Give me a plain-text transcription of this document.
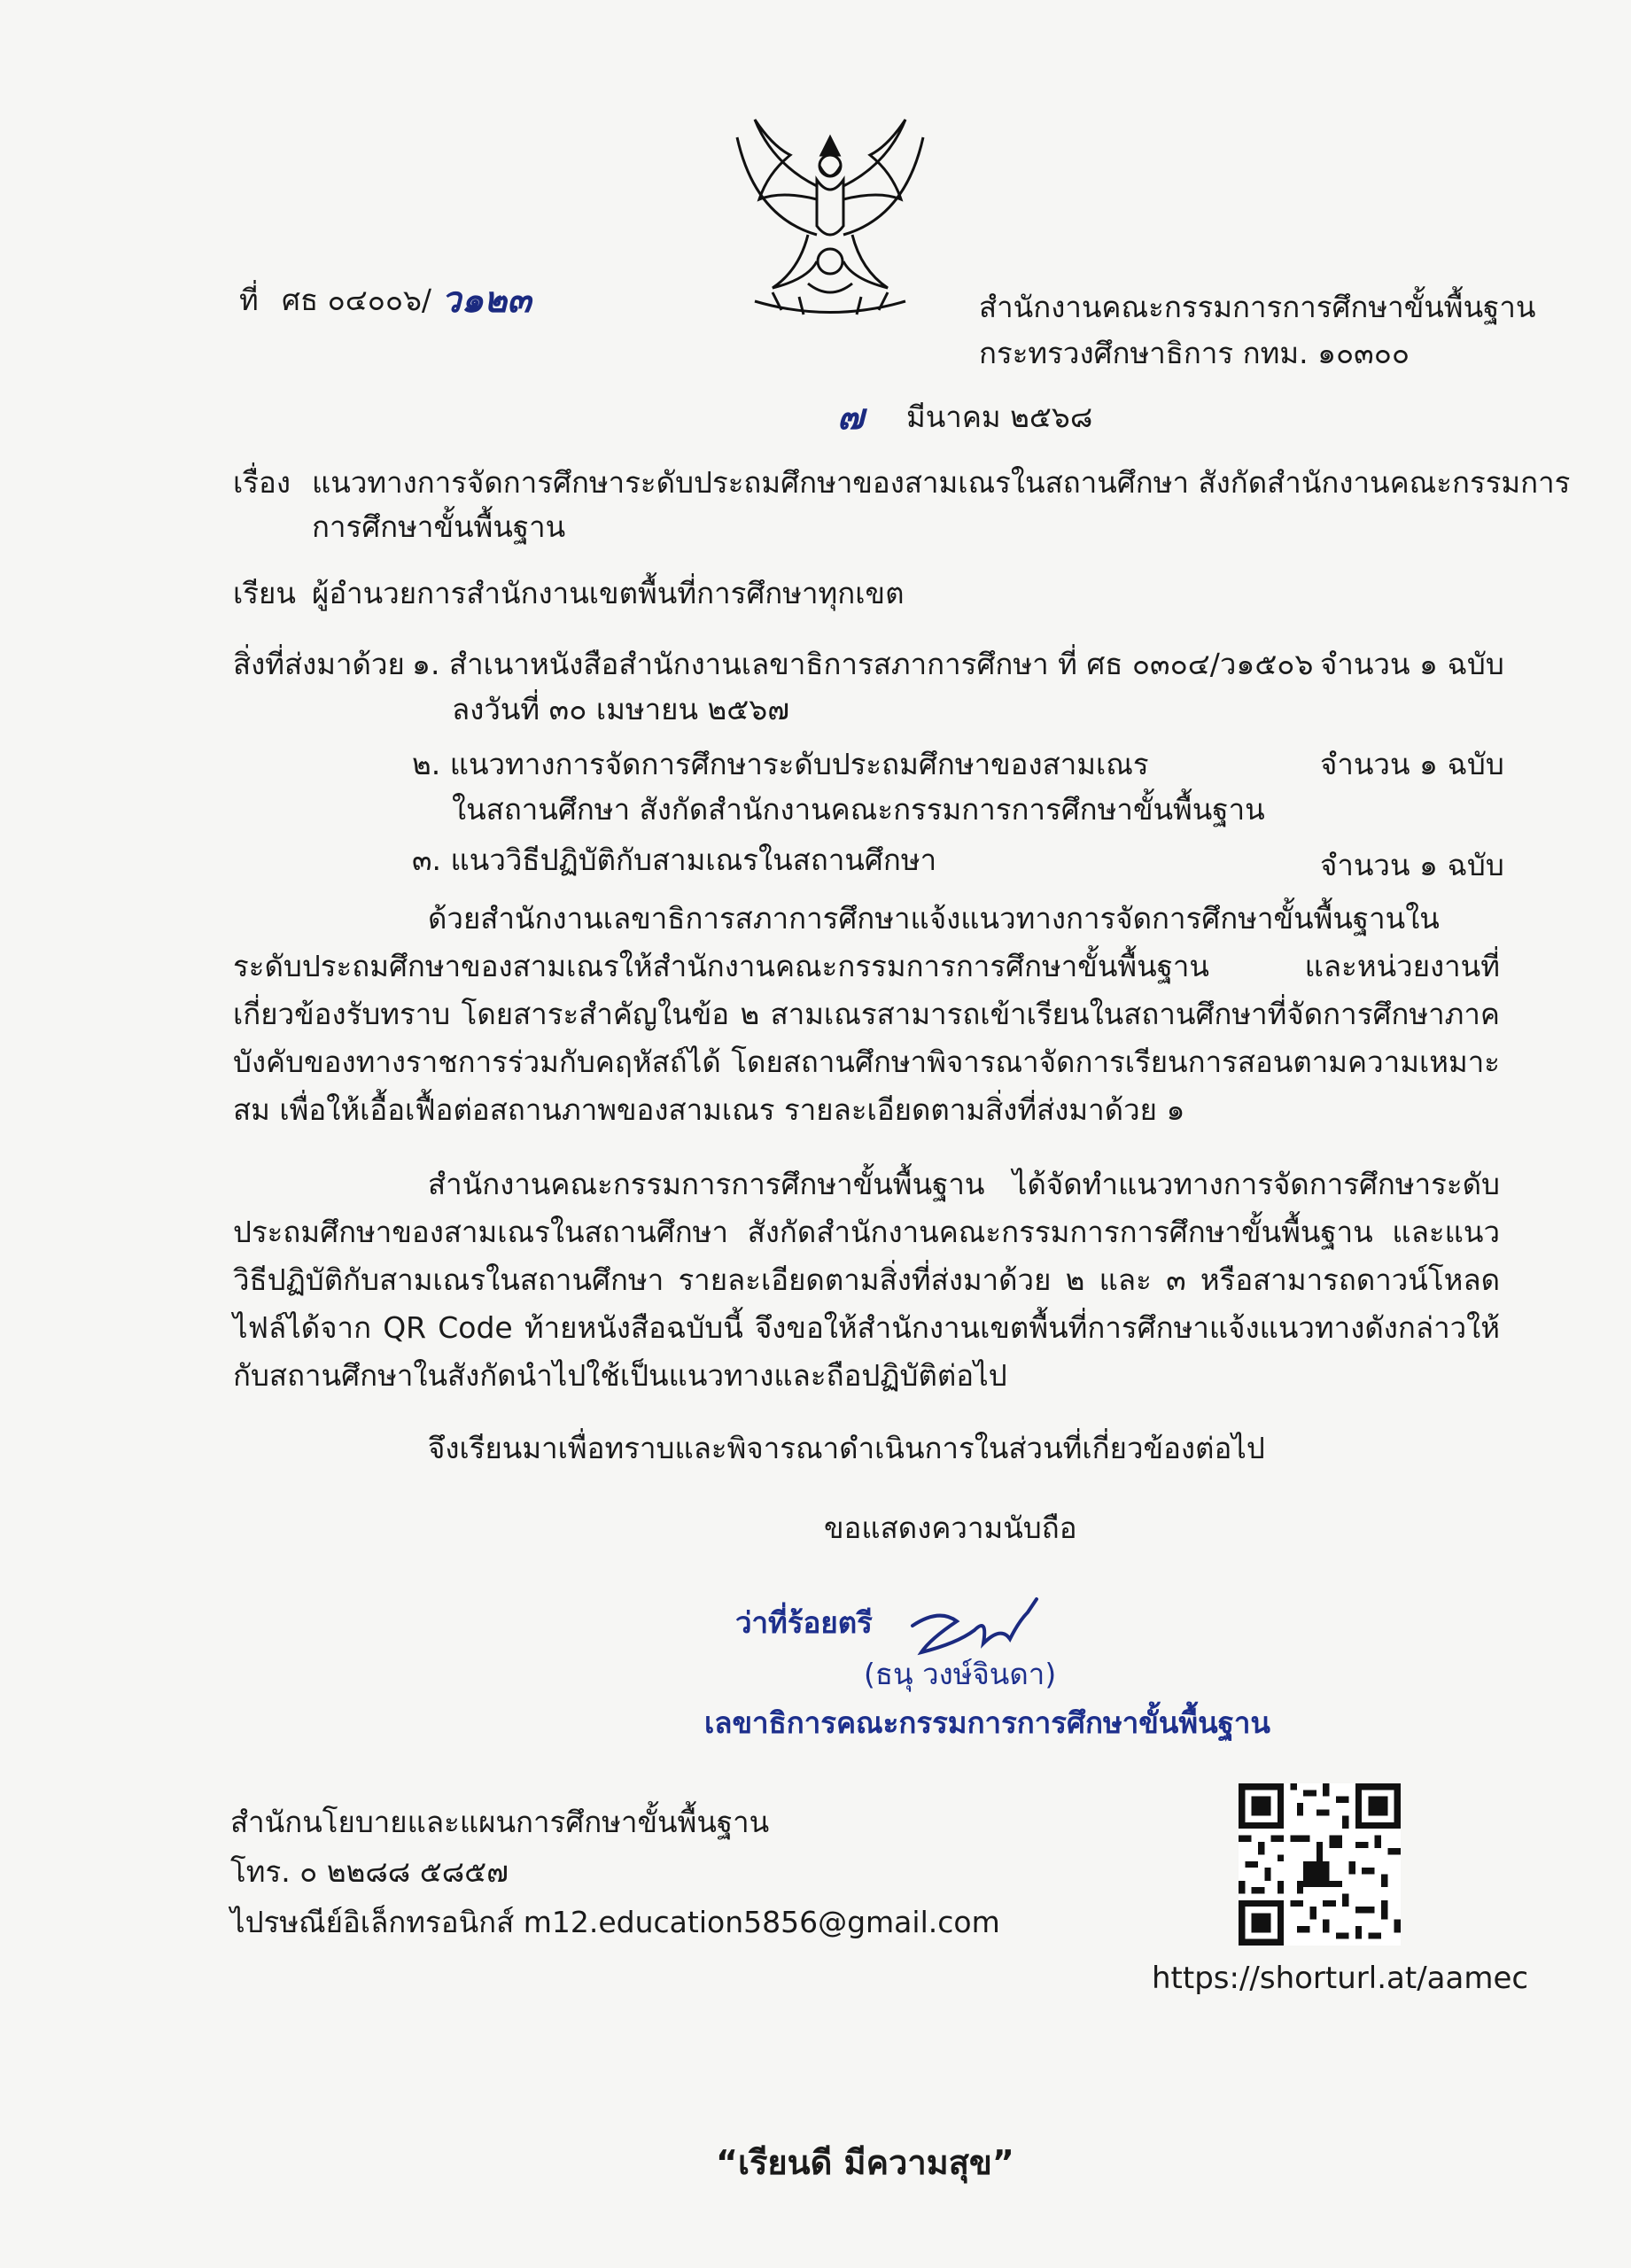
ที่ ศธ ๐๔๐๐๖/ ว๑๒๓	สำนักงานคณะกรรมการการศึกษาขั้นพื้นฐาน
กระทรวงศึกษาธิการ กทม. ๑๐๓๐๐
๗ มีนาคม ๒๕๖๘
เรื่อง แนวทางการจัดการศึกษาระดับประถมศึกษาของสามเณรในสถานศึกษา สังกัดสำนักงานคณะกรรมการ
การศึกษาขั้นพื้นฐาน
เรียน ผู้อำนวยการสำนักงานเขตพื้นที่การศึกษาทุกเขต
สิ่งที่ส่งมาด้วย ๑. สำเนาหนังสือสำนักงานเลขาธิการสภาการศึกษา ที่ ศธ ๐๓๐๔/ว๑๕๐๖
ลงวันที่ ๓๐ เมษายน ๒๕๖๗
จำนวน ๑ ฉบับ
๒. แนวทางการจัดการศึกษาระดับประถมศึกษาของสามเณร
ในสถานศึกษา สังกัดสำนักงานคณะกรรมการการศึกษาขั้นพื้นฐาน
จำนวน ๑ ฉบับ
๓. แนววิธีปฏิบัติกับสามเณรในสถานศึกษา	จำนวน ๑ ฉบับ
ด้วยสำนักงานเลขาธิการสภาการศึกษาแจ้งแนวทางการจัดการศึกษาขั้นพื้นฐานในระดับประถมศึกษาของสามเณรให้สำนักงานคณะกรรมการการศึกษาขั้นพื้นฐาน และหน่วยงานที่เกี่ยวข้องรับทราบ โดยสาระสำคัญในข้อ ๒ สามเณรสามารถเข้าเรียนในสถานศึกษาที่จัดการศึกษาภาคบังคับของทางราชการร่วมกับคฤหัสถ์ได้ โดยสถานศึกษาพิจารณาจัดการเรียนการสอนตามความเหมาะสม เพื่อให้เอื้อเฟื้อต่อสถานภาพของสามเณร รายละเอียดตามสิ่งที่ส่งมาด้วย ๑
สำนักงานคณะกรรมการการศึกษาขั้นพื้นฐาน ได้จัดทำแนวทางการจัดการศึกษาระดับประถมศึกษาของสามเณรในสถานศึกษา สังกัดสำนักงานคณะกรรมการการศึกษาขั้นพื้นฐาน และแนววิธีปฏิบัติกับสามเณรในสถานศึกษา รายละเอียดตามสิ่งที่ส่งมาด้วย ๒ และ ๓ หรือสามารถดาวน์โหลดไฟล์ได้จาก QR Code ท้ายหนังสือฉบับนี้ จึงขอให้สำนักงานเขตพื้นที่การศึกษาแจ้งแนวทางดังกล่าวให้กับสถานศึกษาในสังกัดนำไปใช้เป็นแนวทางและถือปฏิบัติต่อไป
จึงเรียนมาเพื่อทราบและพิจารณาดำเนินการในส่วนที่เกี่ยวข้องต่อไป
ขอแสดงความนับถือ
ว่าที่ร้อยตรี
(ธนุ วงษ์จินดา)
เลขาธิการคณะกรรมการการศึกษาขั้นพื้นฐาน
สำนักนโยบายและแผนการศึกษาขั้นพื้นฐาน
โทร. ๐ ๒๒๘๘ ๕๘๕๗
ไปรษณีย์อิเล็กทรอนิกส์ m12.education5856@gmail.com
https://shorturl.at/aamec
“เรียนดี มีความสุข”
